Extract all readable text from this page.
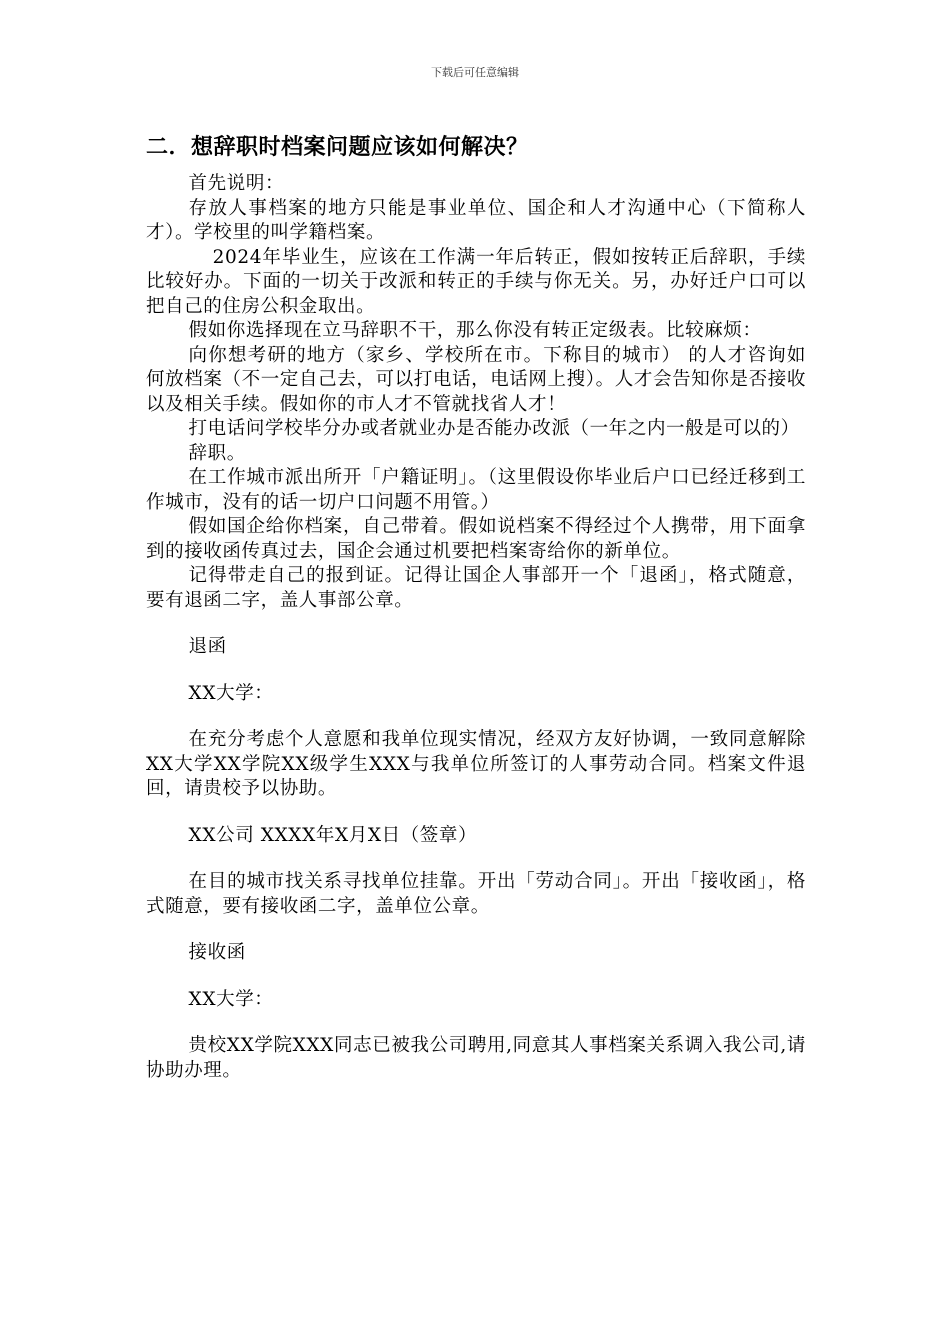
下载后可任意编辑
二．想辞职时档案问题应该如何解决？

首先说明：

存放人事档案的地方只能是事业单位、国企和人才沟通中心（下简称人才）。学校里的叫学籍档案。

2024年毕业生，应该在工作满一年后转正，假如按转正后辞职，手续比较好办。下面的一切关于改派和转正的手续与你无关。另，办好迁户口可以把自己的住房公积金取出。

假如你选择现在立马辞职不干，那么你没有转正定级表。比较麻烦：

向你想考研的地方（家乡、学校所在市。下称目的城市） 的人才咨询如何放档案（不一定自己去，可以打电话，电话网上搜）。人才会告知你是否接收以及相关手续。假如你的市人才不管就找省人才！

打电话问学校毕分办或者就业办是否能办改派（一年之内一般是可以的）

辞职。

在工作城市派出所开「户籍证明」。（这里假设你毕业后户口已经迁移到工作城市，没有的话一切户口问题不用管。）

假如国企给你档案，自己带着。假如说档案不得经过个人携带，用下面拿到的接收函传真过去，国企会通过机要把档案寄给你的新单位。

记得带走自己的报到证。记得让国企人事部开一个「退函」，格式随意，要有退函二字，盖人事部公章。

退函

XX大学：

在充分考虑个人意愿和我单位现实情况，经双方友好协调，一致同意解除XX大学XX学院XX级学生XXX与我单位所签订的人事劳动合同。档案文件退回，请贵校予以协助。

XX公司 XXXX年X月X日（签章）

在目的城市找关系寻找单位挂靠。开出「劳动合同」。开出「接收函」，格式随意，要有接收函二字，盖单位公章。

接收函

XX大学：

贵校XX学院XXX同志已被我公司聘用,同意其人事档案关系调入我公司,请协助办理。
